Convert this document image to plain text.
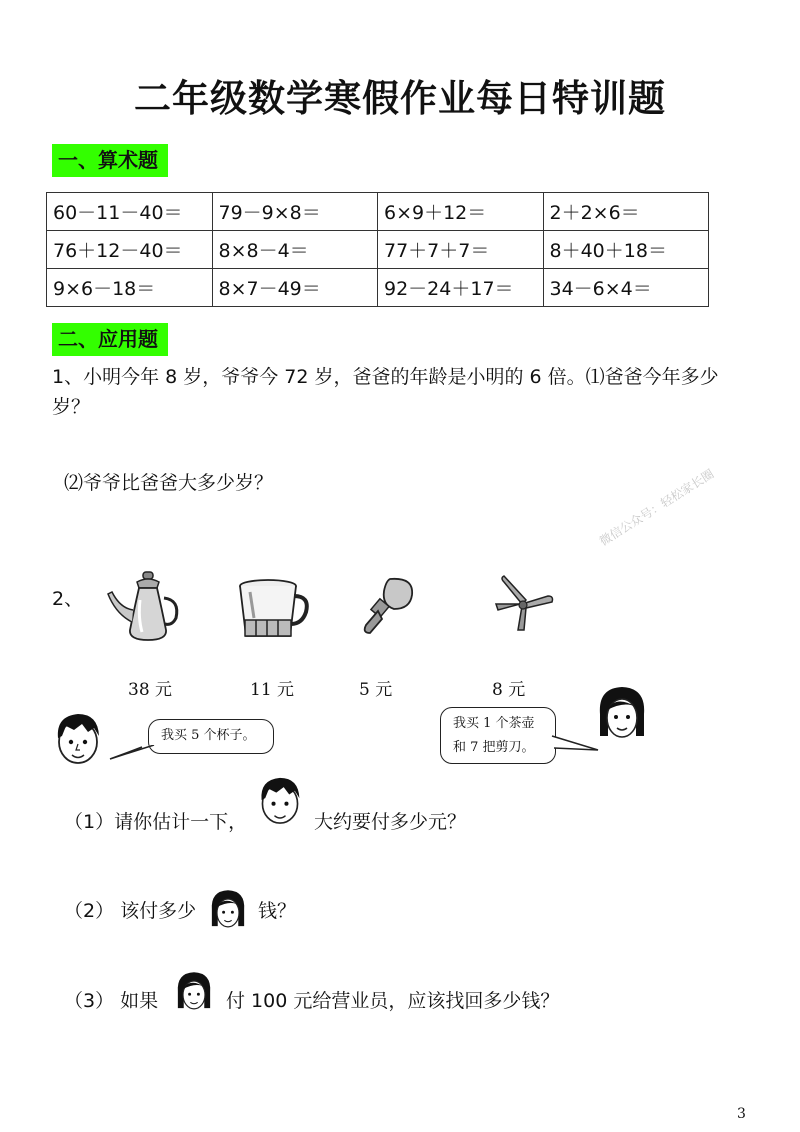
二年级数学寒假作业每日特训题
一、算术题
60－11－40＝	79－9×8＝	6×9＋12＝	2＋2×6＝
76＋12－40＝	8×8－4＝	77＋7＋7＝	8＋40＋18＝
9×6－18＝	8×7－49＝	92－24＋17＝	34－6×4＝
二、应用题
1、小明今年 8 岁，爷爷今 72 岁，爸爸的年龄是小明的 6 倍。⑴爸爸今年多少岁？
⑵爷爷比爸爸大多少岁？	微信公众号：轻松家长圈
2、
38 元	11 元	5 元	8 元
我买 5 个杯子。
我买 1 个茶壶
和 7 把剪刀。
（1）请你估计一下，	大约要付多少元？
（2） 该付多少	钱？
（3） 如果	付 100 元给营业员，应该找回多少钱？
3
